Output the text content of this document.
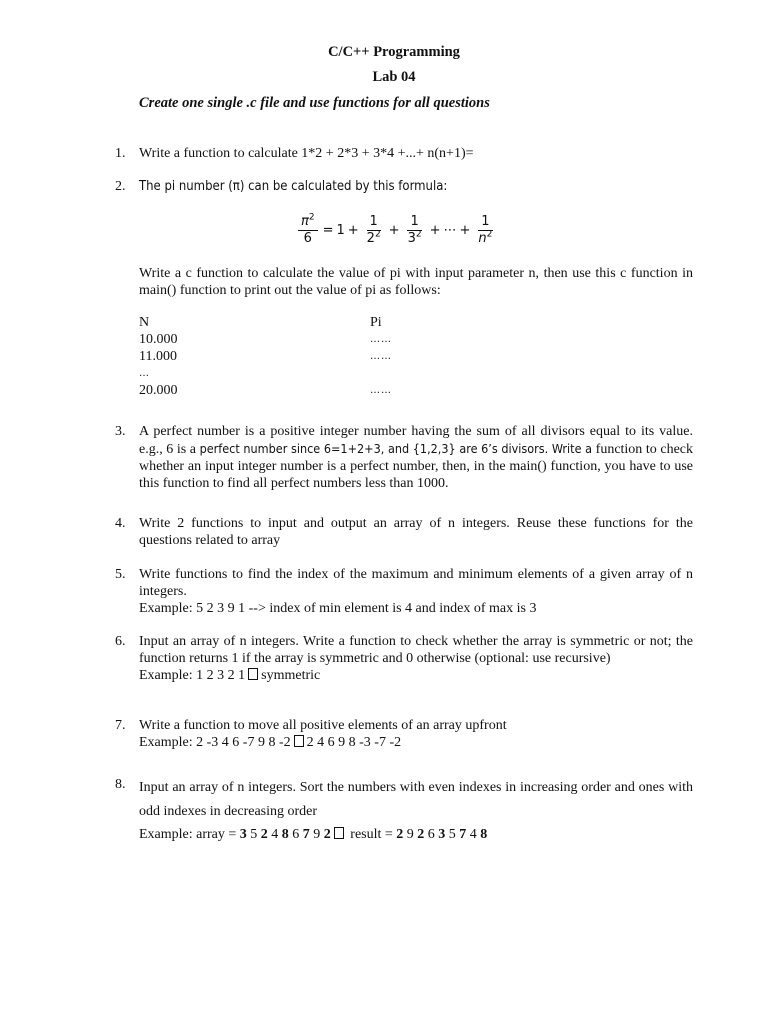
C/C++ Programming
Lab 04
Create one single .c file and use functions for all questions
1. Write a function to calculate 1*2 + 2*3 + 3*4 +...+ n(n+1)=
2. The pi number (π) can be calculated by this formula:
$\frac{\pi^2}{6} = 1 + \frac{1}{2^2} + \frac{1}{3^2}$ + ⋯ + $\frac{1}{n^2}$
Write a c function to calculate the value of pi with input parameter n, then use this c function in main() function to print out the value of pi as follows:
N	Pi
10.000	……
11.000	……
…
20.000	……
3. A perfect number is a positive integer number having the sum of all divisors equal to its value. e.g., 6 is a perfect number since 6=1+2+3, and {1,2,3} are 6’s divisors. Write a function to check whether an input integer number is a perfect number, then, in the main() function, you have to use this function to find all perfect numbers less than 1000.
4. Write 2 functions to input and output an array of n integers. Reuse these functions for the questions related to array
5. Write functions to find the index of the maximum and minimum elements of a given array of n integers.
Example: 5 2 3 9 1 --> index of min element is 4 and index of max is 3
6. Input an array of n integers. Write a function to check whether the array is symmetric or not; the function returns 1 if the array is symmetric and 0 otherwise (optional: use recursive)
Example: 1 2 3 2 1 symmetric
7. Write a function to move all positive elements of an array upfront
Example: 2 -3 4 6 -7 9 8 -2 2 4 6 9 8 -3 -7 -2
8. Input an array of n integers. Sort the numbers with even indexes in increasing order and ones with odd indexes in decreasing order
Example: array = 3 5 2 4 8 6 7 9 2 result = 2 9 2 6 3 5 7 4 8
